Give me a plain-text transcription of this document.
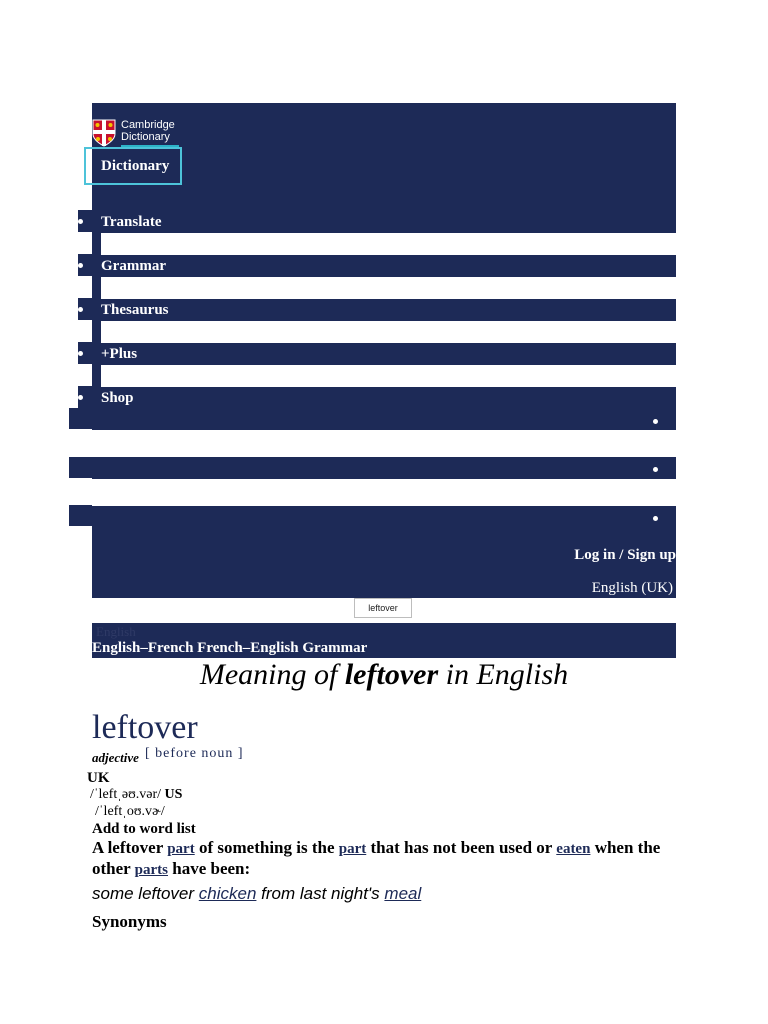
Cambridge
Dictionary
Dictionary
Translate
Grammar
Thesaurus
+Plus
Shop
Log in / Sign up
English (UK)
leftover
English
English–French French–English Grammar
Meaning of leftover in English
leftover
adjective [ before noun ]
UK
/ˈleftˌəʊ.vər/ US
/ˈleftˌoʊ.vɚ/
Add to word list
A leftover part of something is the part that has not been used or eaten when the other parts have been:
some leftover chicken from last night's meal
Synonyms
